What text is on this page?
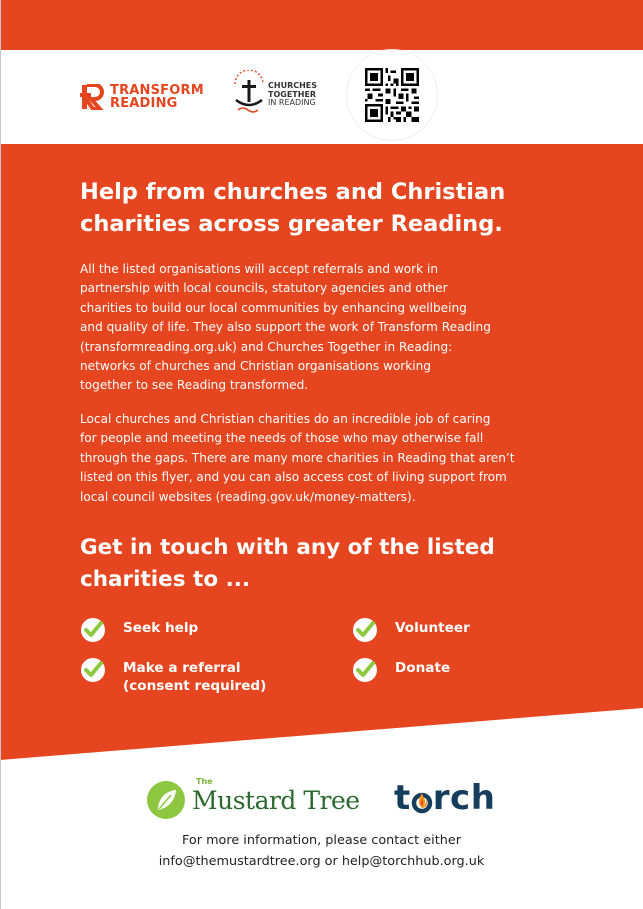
TRANSFORM
READING
CHURCHES
TOGETHER
IN READING
Help from churches and Christian
charities across greater Reading.

All the listed organisations will accept referrals and work in
partnership with local councils, statutory agencies and other
charities to build our local communities by enhancing wellbeing
and quality of life. They also support the work of Transform Reading
(transformreading.org.uk) and Churches Together in Reading:
networks of churches and Christian organisations working
together to see Reading transformed.

Local churches and Christian charities do an incredible job of caring
for people and meeting the needs of those who may otherwise fall
through the gaps. There are many more charities in Reading that aren’t
listed on this flyer, and you can also access cost of living support from
local council websites (reading.gov.uk/money-matters).

Get in touch with any of the listed
charities to ...
Seek help
Make a referral
(consent required)
Volunteer
Donate
The
Mustard Tree t rch
For more information, please contact either
info@themustardtree.org or help@torchhub.org.uk
